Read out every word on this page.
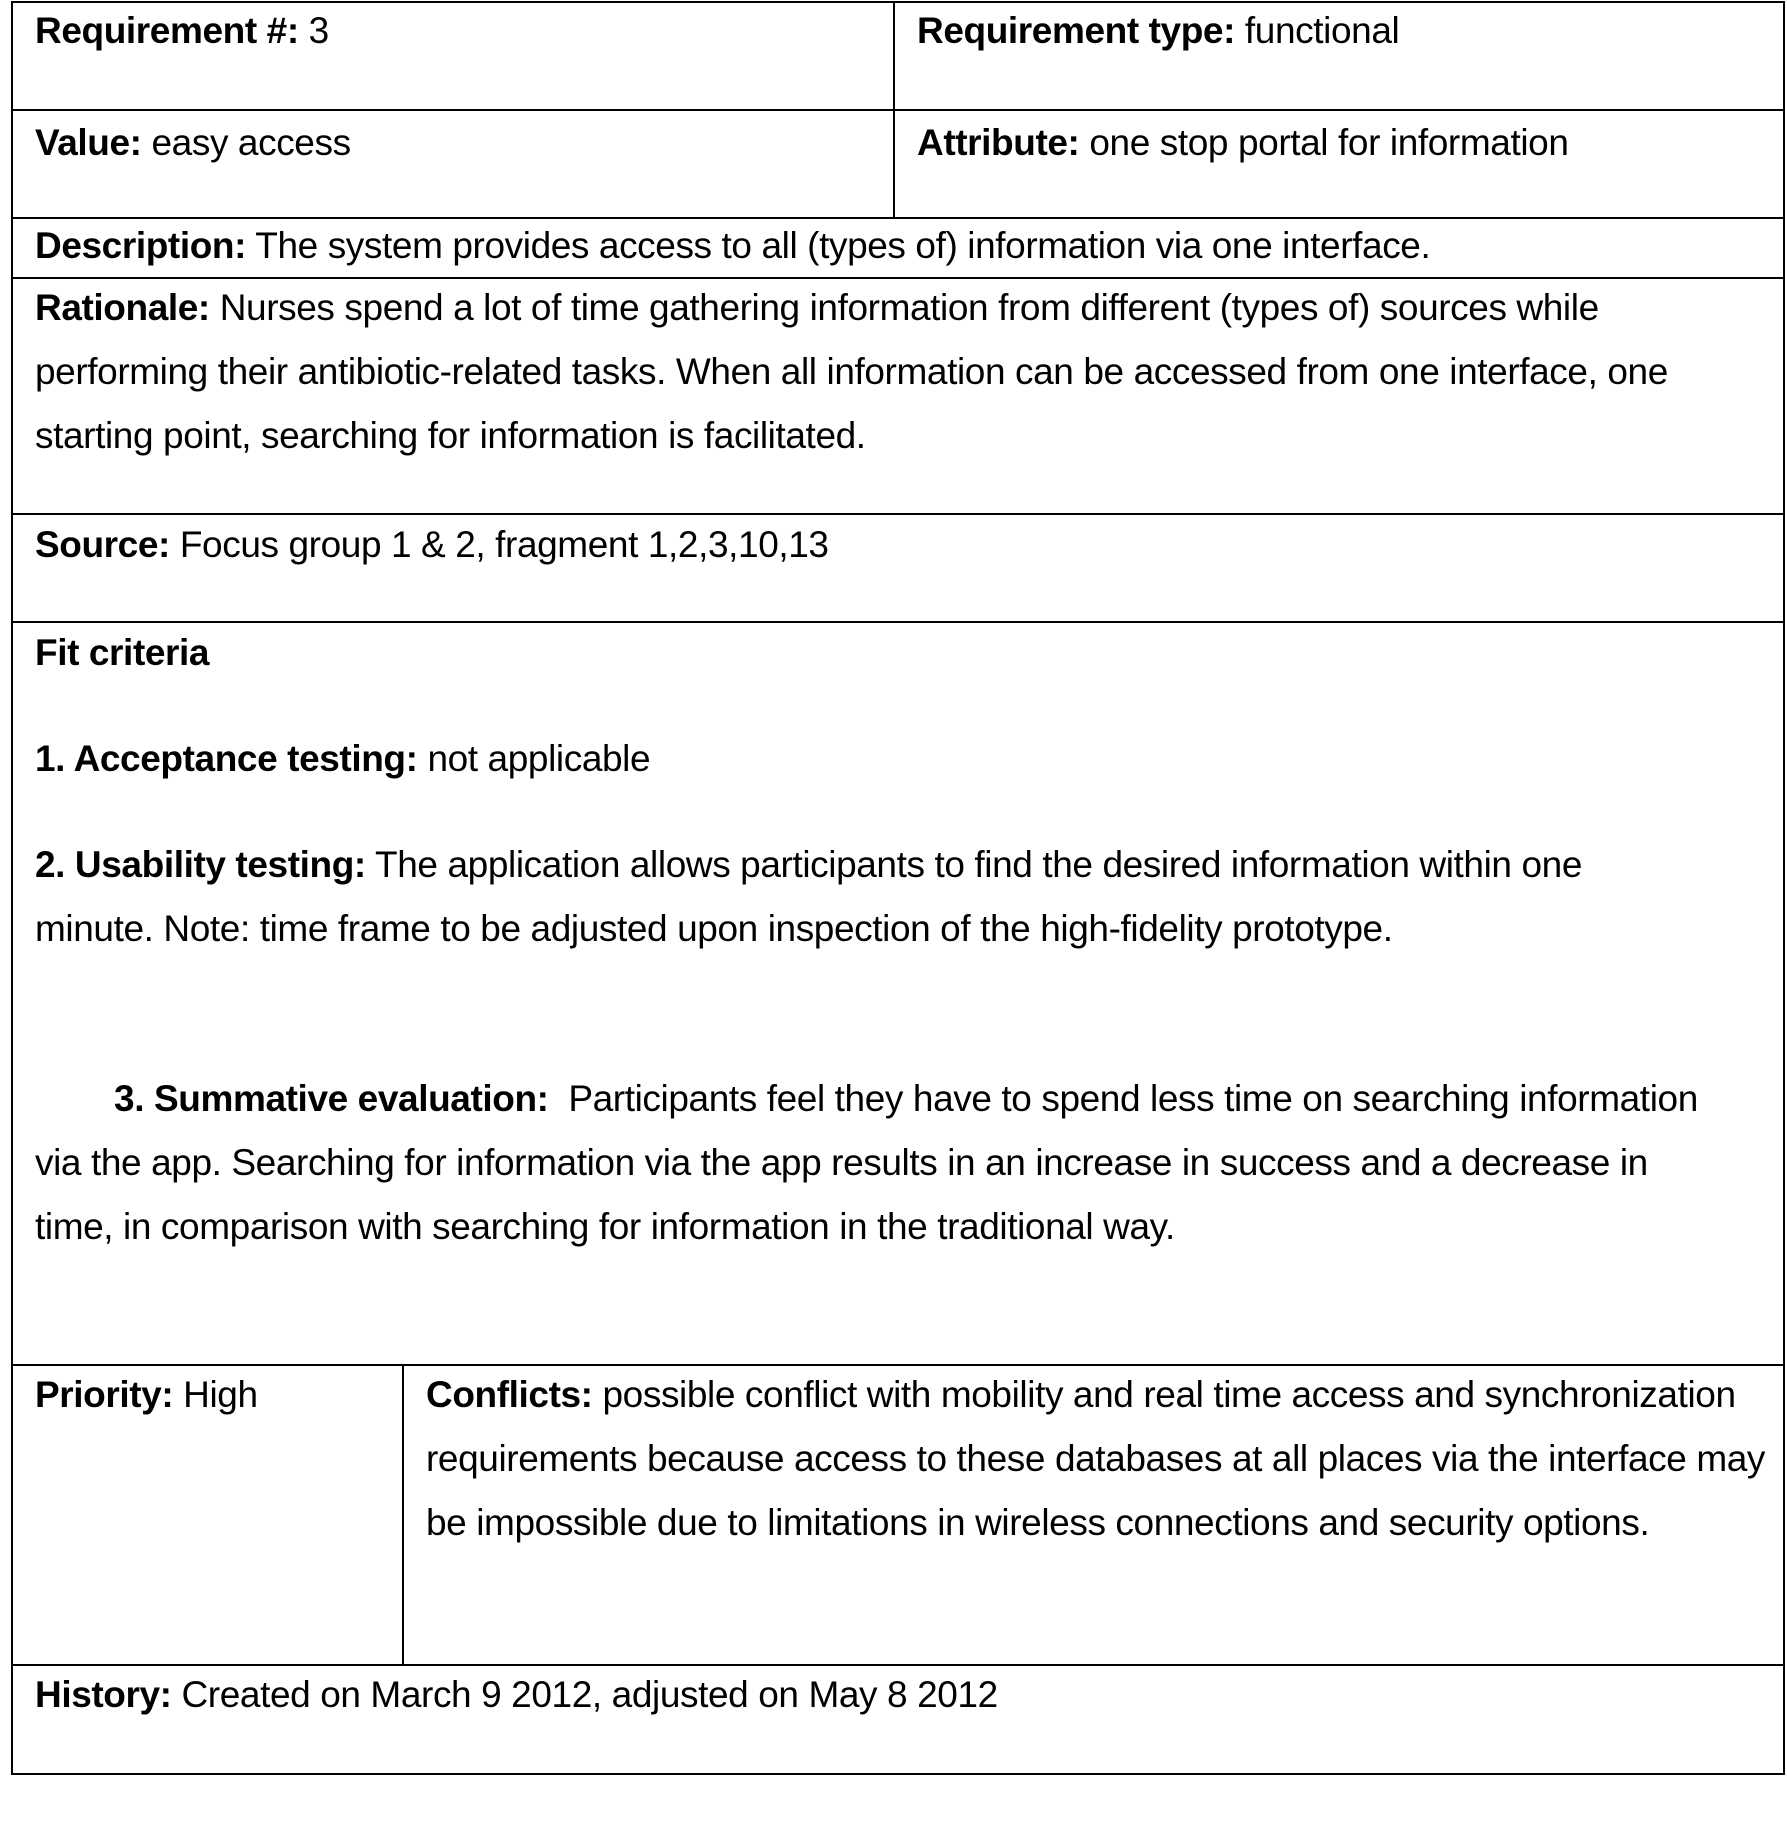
Requirement #: 3	Requirement type: functional

Value: easy access	Attribute: one stop portal for information

Description: The system provides access to all (types of) information via one interface.

Rationale: Nurses spend a lot of time gathering information from different (types of) sources while performing their antibiotic-related tasks. When all information can be accessed from one interface, one starting point, searching for information is facilitated.

Source: Focus group 1 & 2, fragment 1,2,3,10,13

Fit criteria

1. Acceptance testing: not applicable

2. Usability testing: The application allows participants to find the desired information within one minute. Note: time frame to be adjusted upon inspection of the high-fidelity prototype.

3. Summative evaluation:  Participants feel they have to spend less time on searching information via the app. Searching for information via the app results in an increase in success and a decrease in time, in comparison with searching for information in the traditional way.

Priority: High	Conflicts: possible conflict with mobility and real time access and synchronization requirements because access to these databases at all places via the interface may be impossible due to limitations in wireless connections and security options.

History: Created on March 9 2012, adjusted on May 8 2012
